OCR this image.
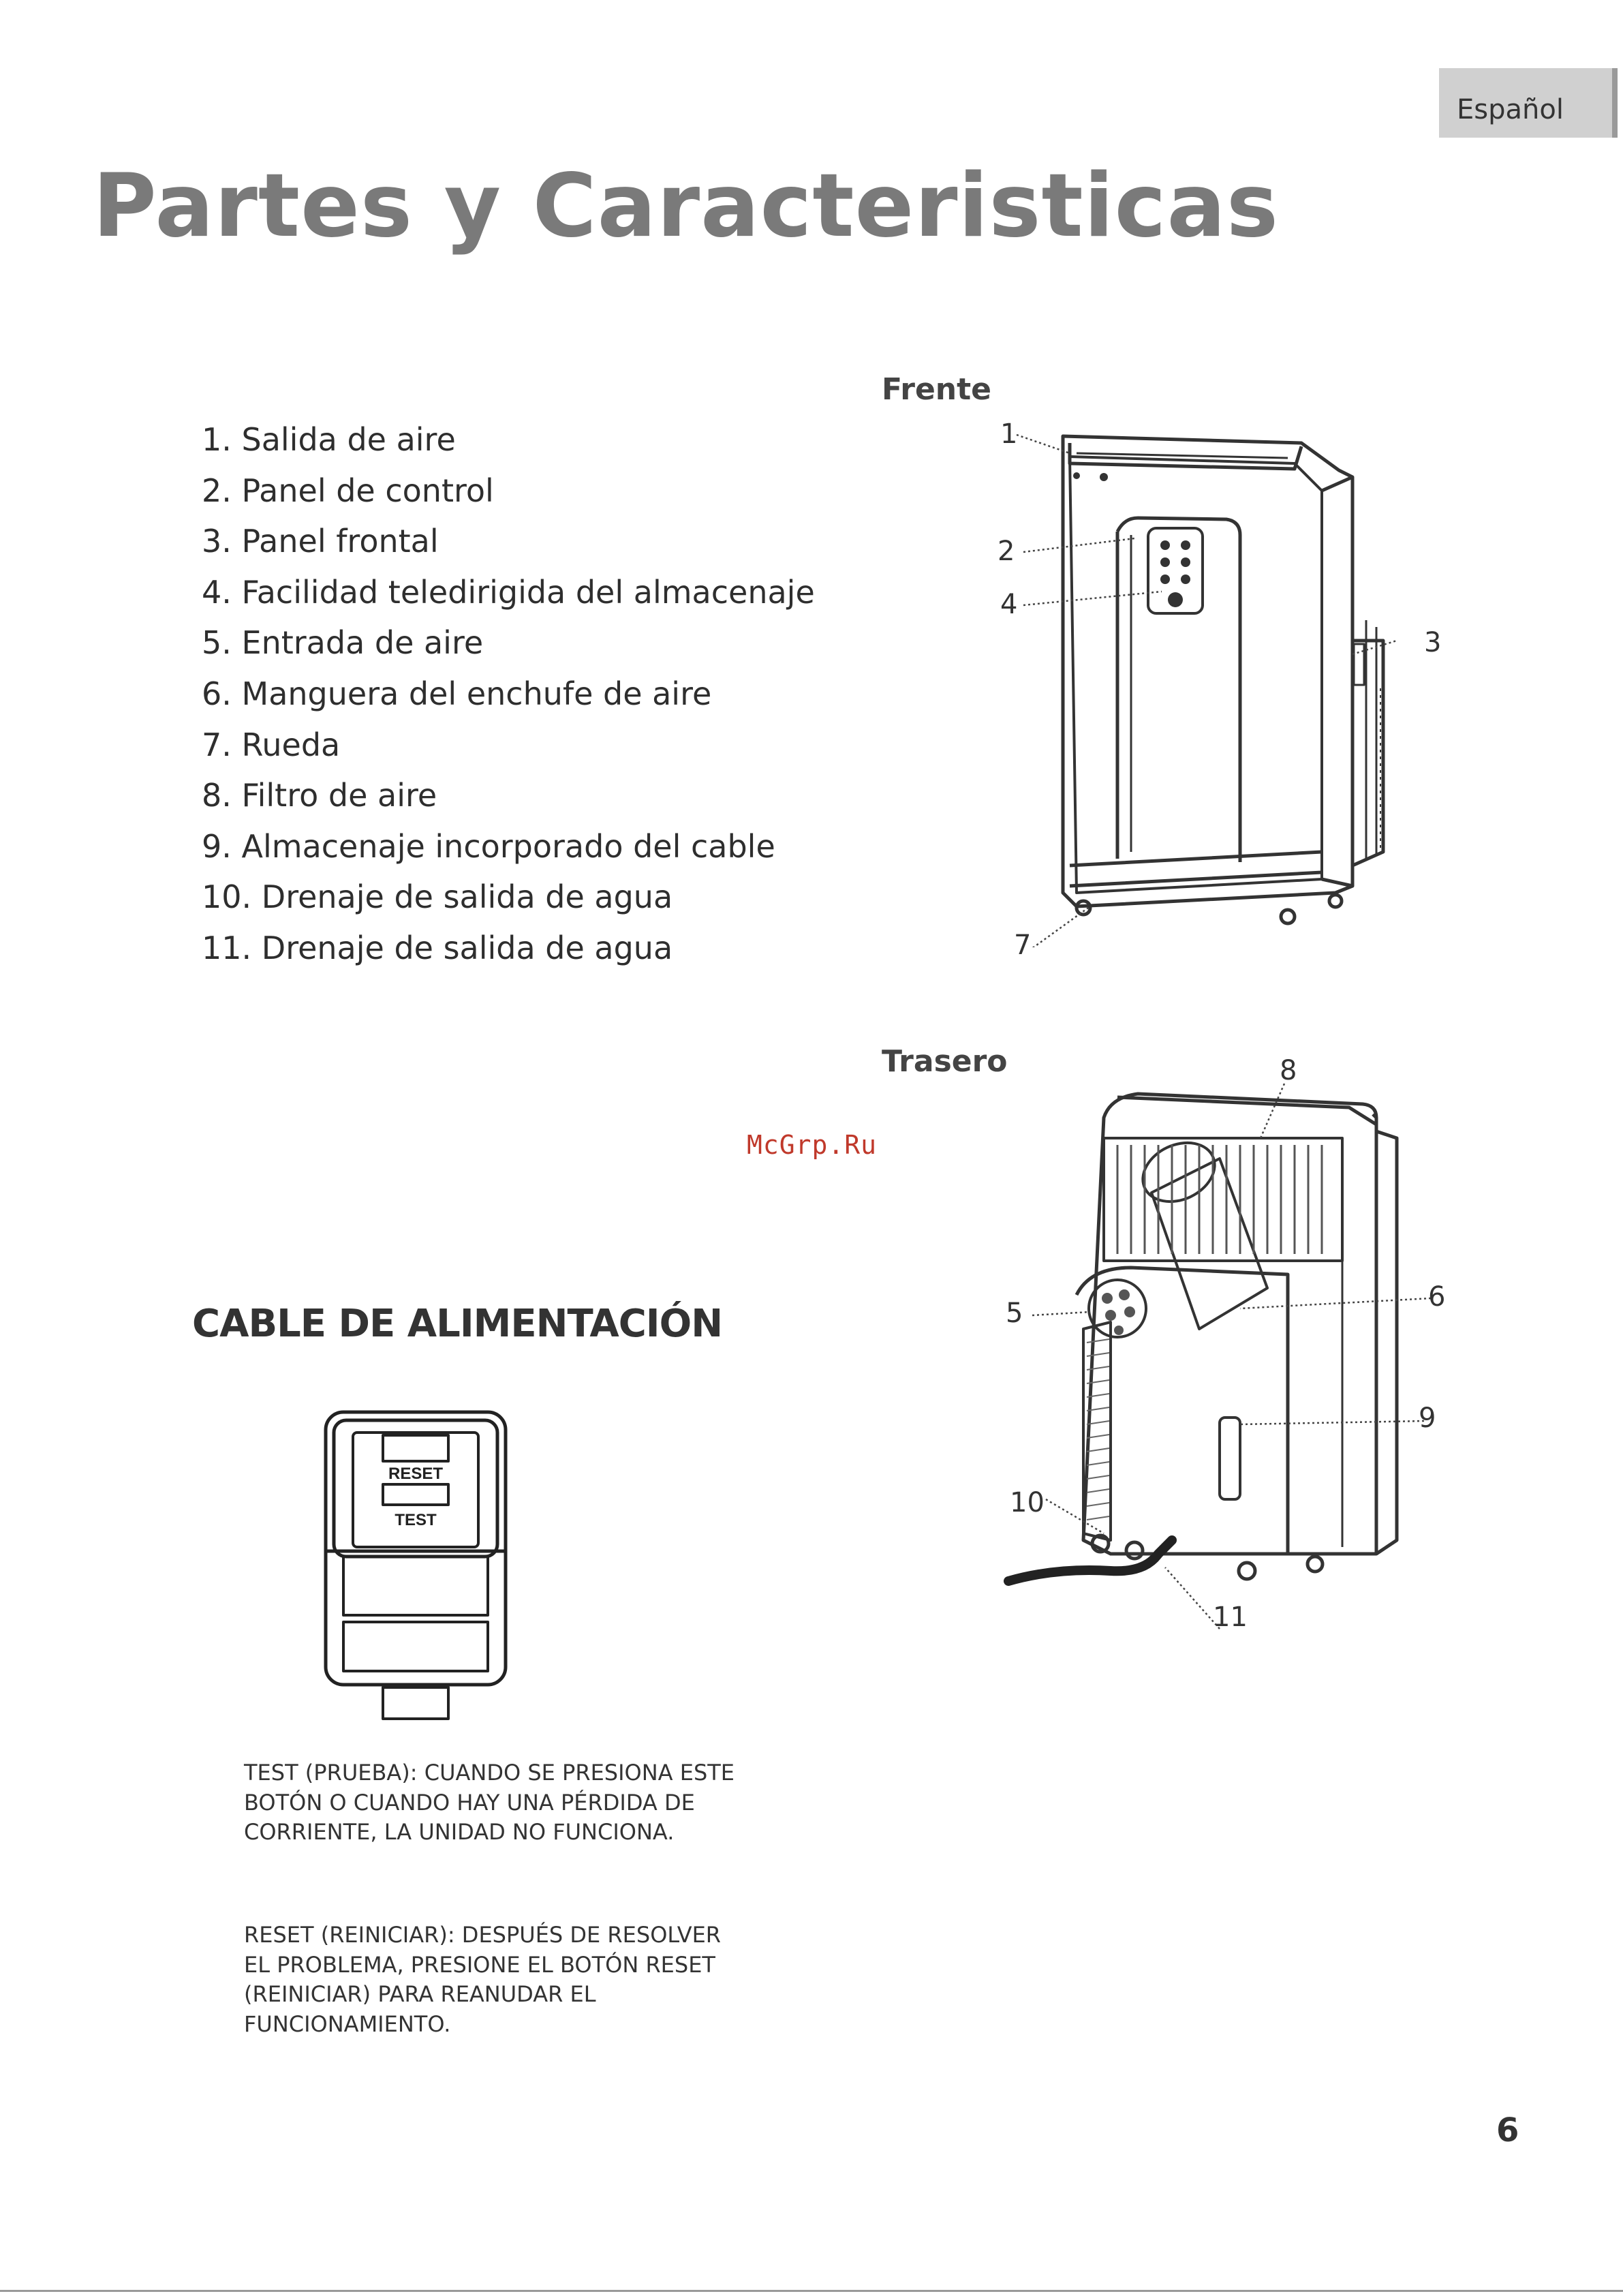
Español
Partes y Caracteristicas
1. Salida de aire
2. Panel de control
3. Panel frontal
4. Facilidad teledirigida del almacenaje
5. Entrada de aire
6. Manguera del enchufe de aire
7. Rueda
8. Filtro de aire
9. Almacenaje incorporado del cable
10. Drenaje de salida de agua
11. Drenaje de salida de agua
Frente
1
2
4
3
7
Trasero	8
5
6
9
10
11
McGrp.Ru
CABLE DE ALIMENTACIÓN
RESET
TEST

TEST (PRUEBA): CUANDO SE PRESIONA ESTE BOTÓN O CUANDO HAY UNA PÉRDIDA DE CORRIENTE, LA UNIDAD NO FUNCIONA.

RESET (REINICIAR): DESPUÉS DE RESOLVER EL PROBLEMA, PRESIONE EL BOTÓN RESET (REINICIAR) PARA REANUDAR EL FUNCIONAMIENTO.

6
